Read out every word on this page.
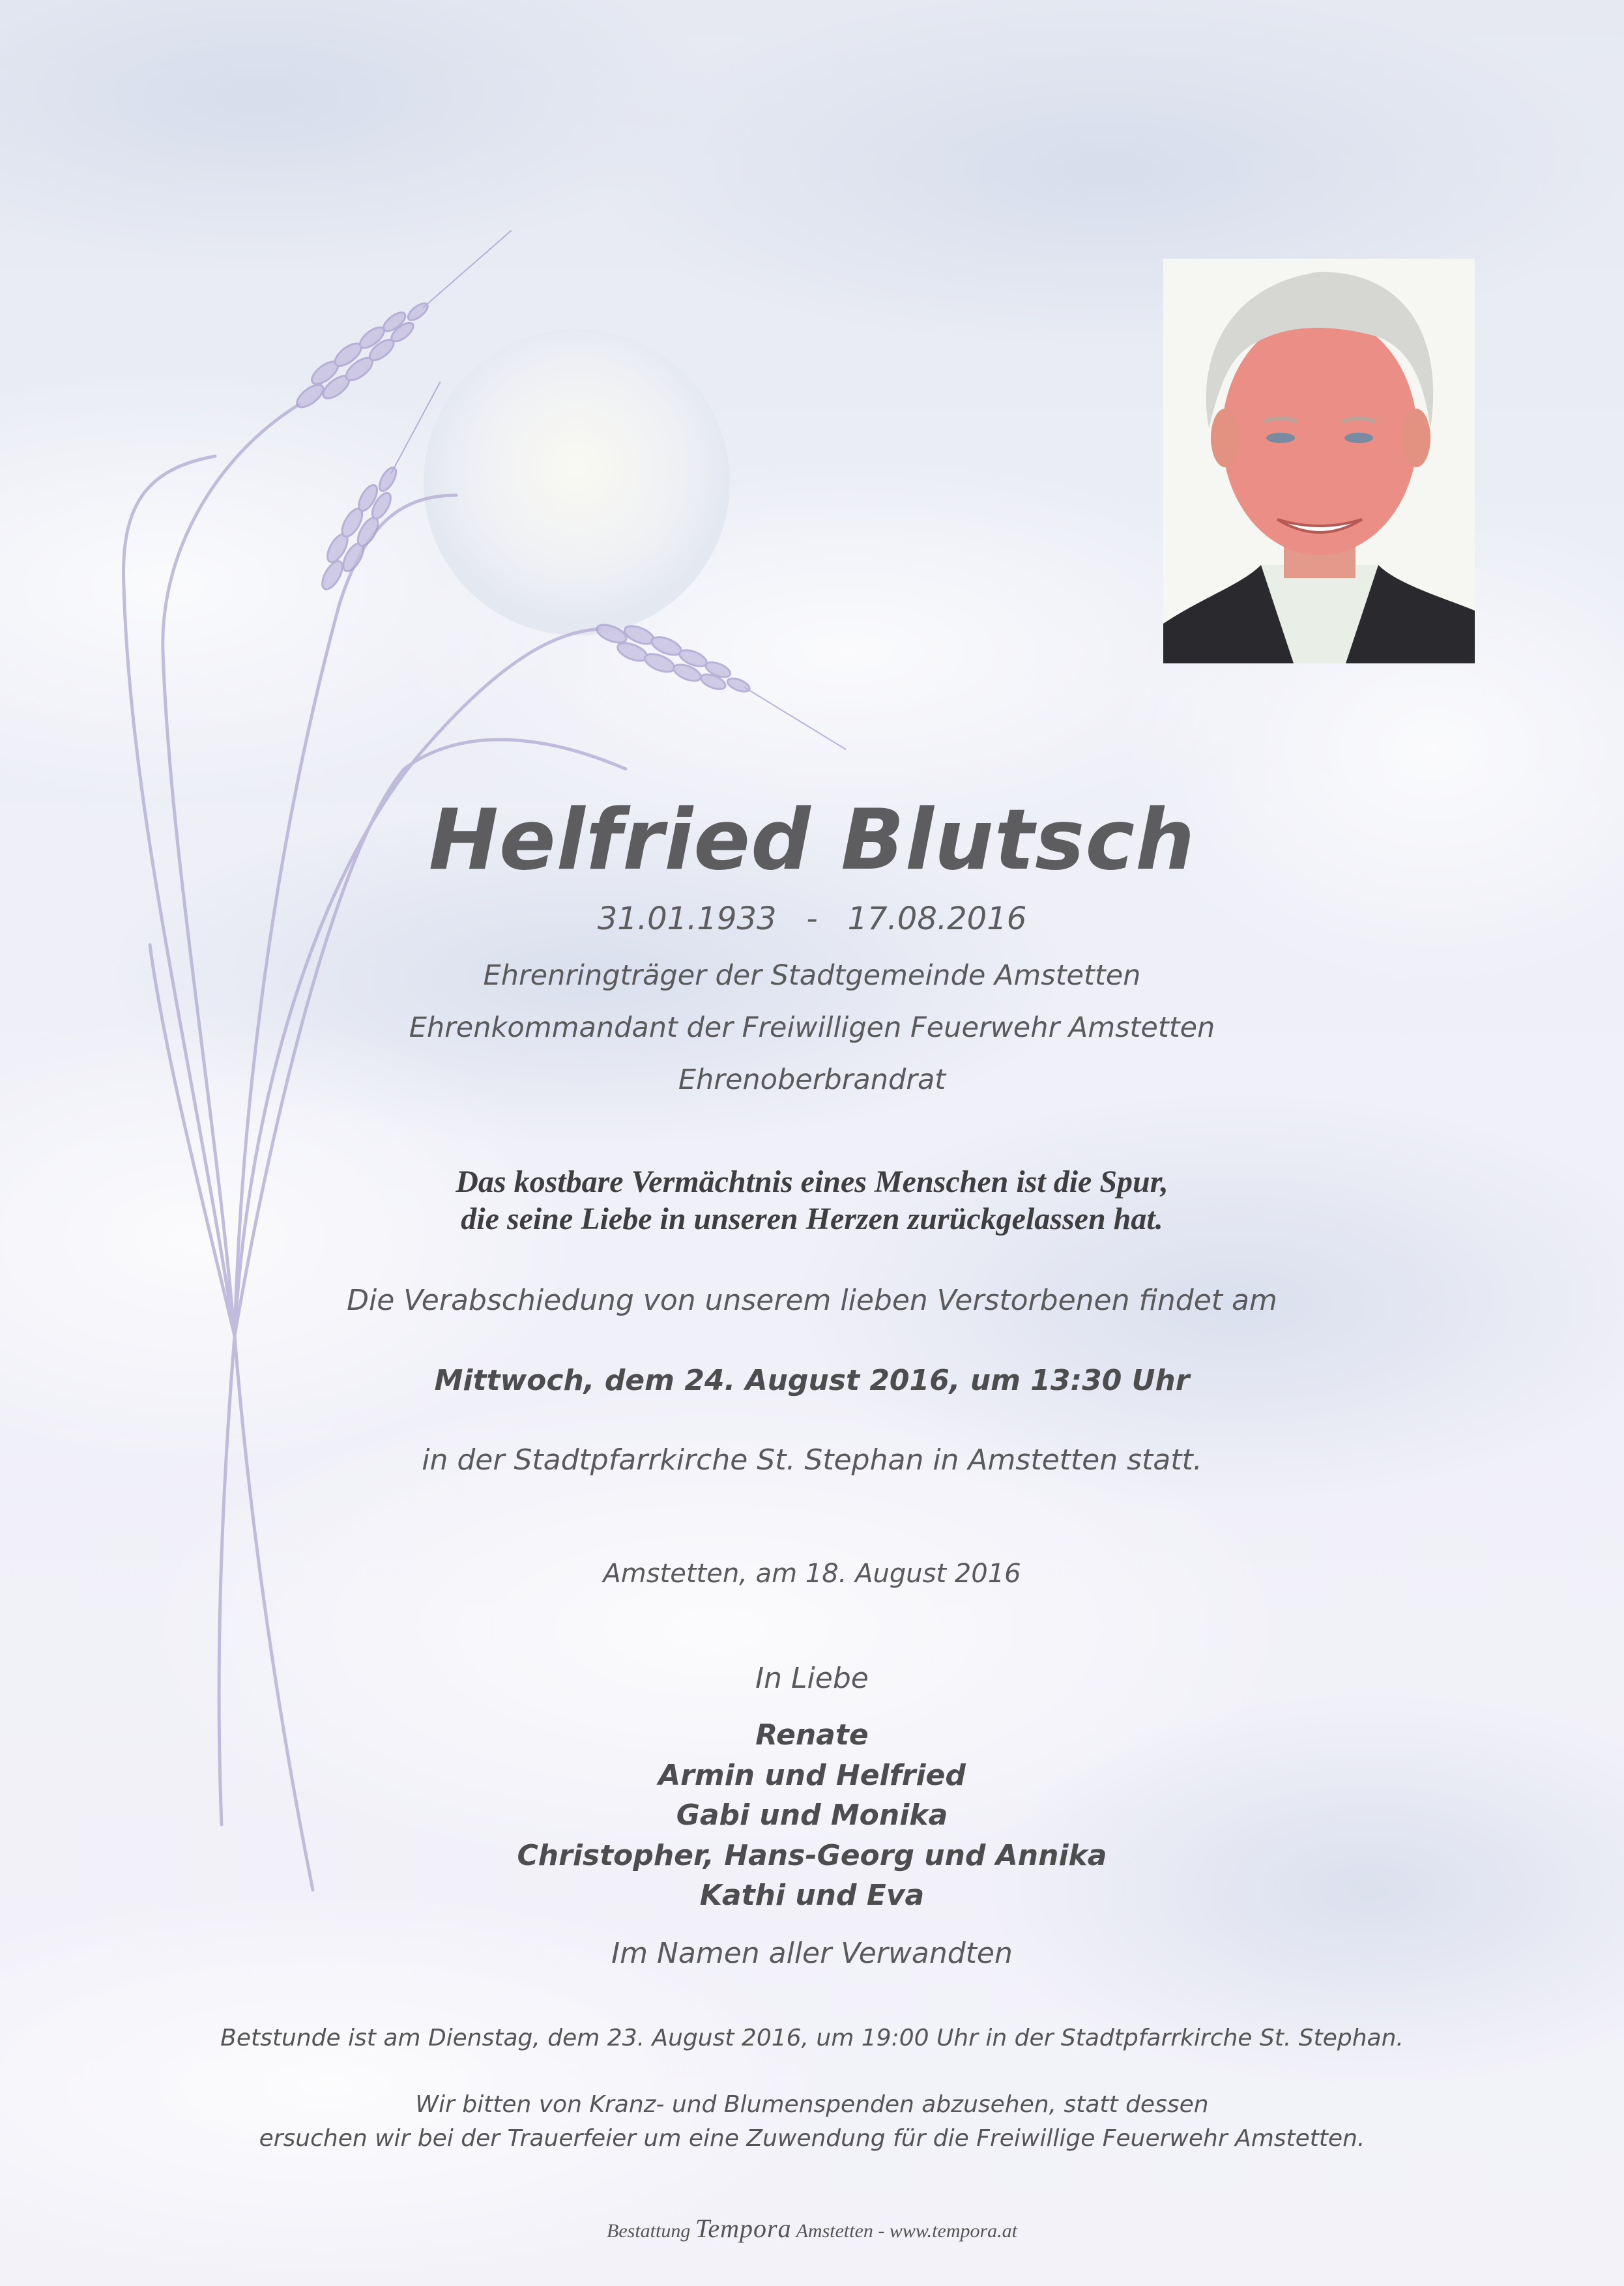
Helfried Blutsch
31.01.1933   -   17.08.2016
Ehrenringträger der Stadtgemeinde Amstetten
Ehrenkommandant der Freiwilligen Feuerwehr Amstetten
Ehrenoberbrandrat
Das kostbare Vermächtnis eines Menschen ist die Spur,
die seine Liebe in unseren Herzen zurückgelassen hat.
Die Verabschiedung von unserem lieben Verstorbenen findet am
Mittwoch, dem 24. August 2016, um 13:30 Uhr
in der Stadtpfarrkirche St. Stephan in Amstetten statt.
Amstetten, am 18. August 2016
In Liebe
Renate
Armin und Helfried
Gabi und Monika
Christopher, Hans-Georg und Annika
Kathi und Eva
Im Namen aller Verwandten
Betstunde ist am Dienstag, dem 23. August 2016, um 19:00 Uhr in der Stadtpfarrkirche St. Stephan.
Wir bitten von Kranz- und Blumenspenden abzusehen, statt dessen
ersuchen wir bei der Trauerfeier um eine Zuwendung für die Freiwillige Feuerwehr Amstetten.
Bestattung Tempora Amstetten - www.tempora.at
